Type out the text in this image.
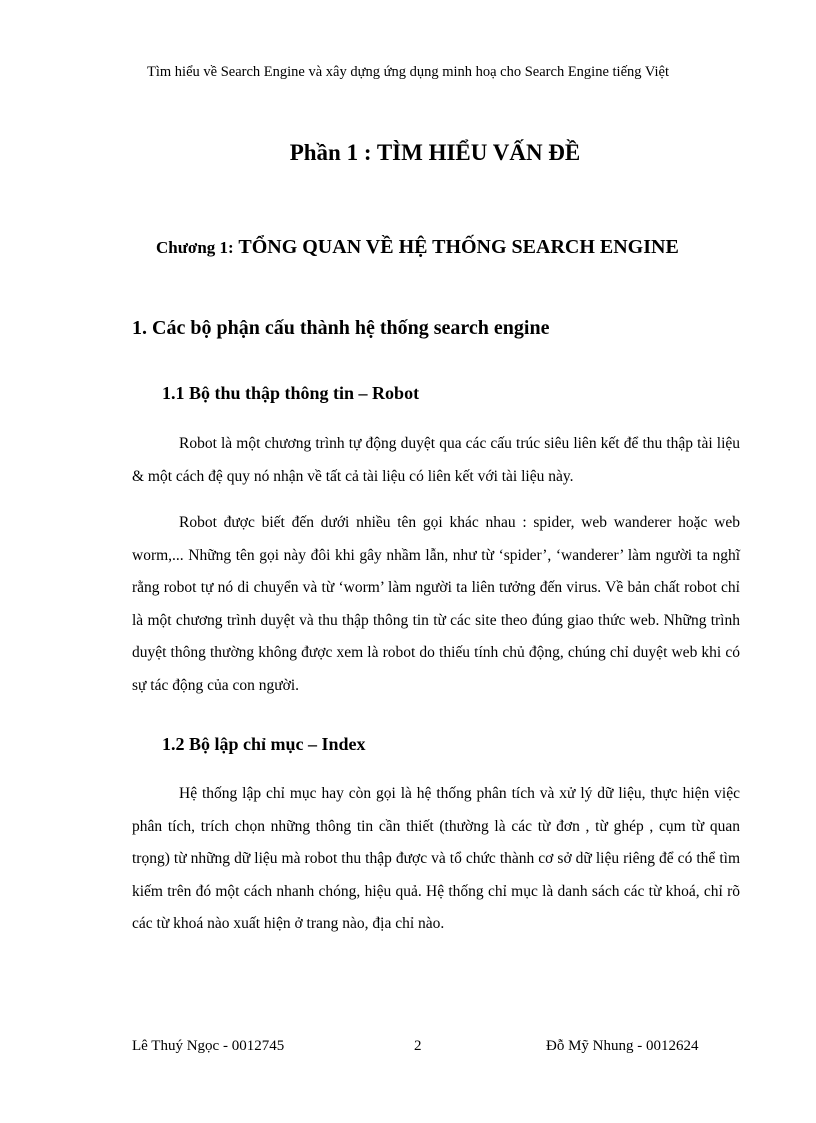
Tìm hiểu về Search Engine và xây dựng ứng dụng minh hoạ cho Search Engine tiếng Việt
Phần 1 : TÌM HIỂU VẤN ĐỀ
Chương 1: TỔNG QUAN VỀ HỆ THỐNG SEARCH ENGINE
1. Các bộ phận cấu thành hệ thống search engine
1.1 Bộ thu thập thông tin – Robot
Robot là một chương trình tự động duyệt qua các cấu trúc siêu liên kết để thu thập tài liệu & một cách đệ quy nó nhận về tất cả tài liệu có liên kết với tài liệu này.
Robot được biết đến dưới nhiều tên gọi khác nhau : spider, web wanderer hoặc web worm,... Những tên gọi này đôi khi gây nhầm lẫn, như từ ‘spider’, ‘wanderer’ làm người ta nghĩ rằng robot tự nó di chuyển và từ ‘worm’ làm người ta liên tưởng đến virus. Về bản chất robot chỉ là một chương trình duyệt và thu thập thông tin từ các site theo đúng giao thức web. Những trình duyệt thông thường không được xem là robot do thiếu tính chủ động, chúng chỉ duyệt web khi có sự tác động của con người.
1.2 Bộ lập chỉ mục – Index
Hệ thống lập chỉ mục hay còn gọi là hệ thống phân tích và xử lý dữ liệu, thực hiện việc phân tích, trích chọn những thông tin cần thiết (thường là các từ đơn , từ ghép , cụm từ quan trọng) từ những dữ liệu mà robot thu thập được và tổ chức thành cơ sở dữ liệu riêng để có thể tìm kiếm trên đó một cách nhanh chóng, hiệu quả. Hệ thống chỉ mục là danh sách các từ khoá, chỉ rõ các từ khoá nào xuất hiện ở trang nào, địa chỉ nào.
Lê Thuý Ngọc - 0012745	2	Đỗ Mỹ Nhung - 0012624
